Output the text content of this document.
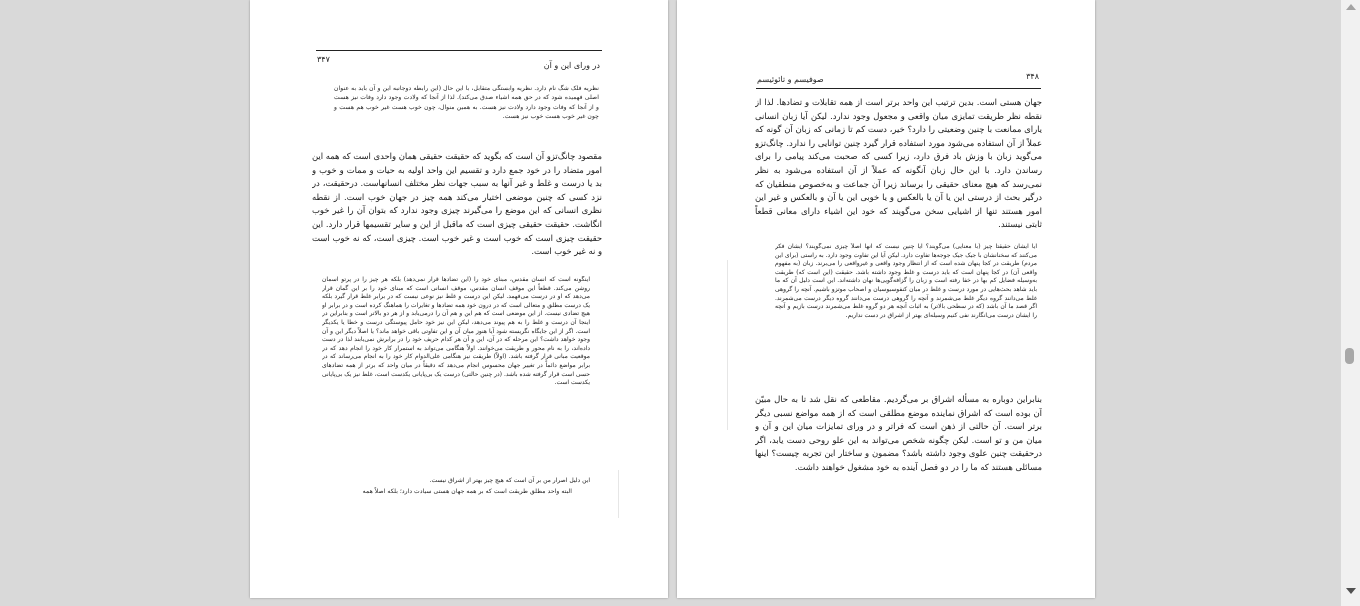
۳۴۷
در ورای این و آن

نظریه فلک شگ نام دارد. نظریه وابستگی متقابل، با این حال (این رابطه دوجانبه این و آن باید به عنوان اصلی فهمیده شود که در حق همه اشیاء صدق می‌کند). لذا از آنجا که ولادت وجود دارد وفات نیز هست و از آنجا که وفات وجود دارد ولادت نیز هست. به همین منوال، چون خوب هست غیر خوب هم هست و چون غیر خوب هست خوب نیز هست.

مقصود چانگ‌تزو آن است که بگوید که حقیقت حقیقی همان واحدی است که همه این امور متضاد را در خود جمع دارد و تقسیم این واحد اولیه به حیات و ممات و خوب و بد یا درست و غلط و غیر آنها به سبب جهات نظر مختلف انسانهاست. درحقیقت، در نزد کسی که چنین موضعی اختیار می‌کند همه چیز در جهان خوب است. از نقطه نظری انسانی که این موضع را می‌گیرند چیزی وجود ندارد که بتوان آن را غیر خوب انگاشت. حقیقت حقیقی چیزی است که ماقبل از این و سایر تقسیمها قرار دارد. این حقیقت چیزی است که خوب است و غیر خوب است. چیزی است، که نه خوب است و نه غیر خوب است.

اینگونه است که انسان مقدس، مبنای خود را (این تضادها قرار نمی‌دهد) بلکه هر چیز را در پرتو آسمان روشن می‌کند. قطعاً این موقف انسان مقدس، موقف انسانی است که مبنای خود را بر این گمان قرار می‌دهد که او در درست می‌فهمد. لیکن این درست و غلط نیز نوعی نیست که در برابر غلط قرار گیرد بلکه یک درست مطلق و متعالی است که در درون خود همه تضادها و تغایرات را هماهنگ‌ کرده است و در برابر او هیچ تضادی نیست. از این موضعی است که هم این و هم آن را درمی‌یابد و از هر دو بالاتر است و بنابراین در اینجا آن درست و غلط را به هم پیوند می‌دهد، لیکن این نیز خود حامل پیوستگی درست و خطا یا یکدیگر است. اگر از این جایگاه نگریسته شود آیا هنوز میان آن و این تفاوتی باقی خواهد ماند؟ یا اصلاً دیگر این و آن وجود خواهد داشت؟ این مرحله که در آن، این و آن هر کدام حریف خود را در برابرش نمی‌یابند لذا در دست داده‌اند، را به نام محور و طریقت می‌خوانند. اولاً هنگامی می‌تواند به استمرار کار خود را انجام دهد که در موقعیت مبانی قرار گرفته باشد. (اولاً) طریقت نیز هنگامی علی‌الدوام کار خود را به انجام می‌رساند که در برابر مواضع دائماً در تغییر جهان محسوس انجام می‌دهد که دقیقاً در میان واحد که برتر از همه تضادهای حسی است قرار گرفته شده باشد. (در چنین حالتی) درست یک بی‌پایانی یکدست است، غلط نیز یک بی‌پایانی یکدست است.

این دلیل اصرار من بر آن است که هیچ چیز بهتر از اشراق نیست.

البته واحد مطلق طریقت است که بر همه جهان هستی سیادت دارد؛ بلکه اصلاً همه

صوفیسم و تائوئیسم	۳۴۸

جهان هستی است. بدین ترتیب این واحد برتر است از همه تقابلات و تضادها. لذا از نقطه نظر طریقت تمایزی میان واقعی و مجعول وجود ندارد. لیکن آیا زبان انسانی یارای ممانعت با چنین وضعیتی را دارد؟ خیر، دست کم تا زمانی که زبان آن گونه که عملاً از آن استفاده می‌شود مورد استفاده قرار گیرد چنین توانایی را ندارد. چانگ‌تزو می‌گوید زبان با وزش باد فرق دارد، زیرا کسی که صحبت می‌کند پیامی را برای رساندن دارد. با این حال زبان آنگونه که عملاً از آن استفاده می‌شود به نظر نمی‌رسد که هیچ معنای حقیقی را برساند زیرا آن جماعت و به‌خصوص منطقیان که درگیر بحث از درستی این یا آن یا بالعکس و یا خوبی این یا آن و بالعکس و غیر این امور هستند تنها از اشیایی سخن می‌گویند که خود این اشیاء دارای معانی قطعاً ثابتی نیستند.

آیا ایشان حقیقتاً چیز (با معنایی) می‌گویند؟ آیا چنین نیست که آنها اصلاً چیزی نمی‌گویند؟ ایشان فکر می‌کنند که سخنانشان با جیک جیک جوجه‌ها تفاوت دارد. لیکن آیا این تفاوت وجود دارد. به راستی (برای این مردم) طریقت در کجا پنهان شده است که از انتظار وجود واقعی و غیرواقعی را می‌برند. زبان (به مفهوم واقعی آن) در کجا پنهان است که باید درست و غلط وجود داشته باشد. حقیقت (این است که) طریقت به‌وسیله فضایل کم بها در خفا رفته است و زبان را گزافه‌گویی‌ها نهان داشته‌اند. این است دلیل آن که ما باید شاهد بحث‌هایی در مورد درست و غلط در میان کنفوسیوسیان و اصحاب موتزو باشیم. آنچه را گروهی غلط می‌دانند گروه دیگر غلط می‌شمرند و آنچه را گروهی درست می‌دانند گروه دیگر درست می‌شمرند. اگر قصد ما آن باشد (که در سطحی بالاتر) به اثبات آنچه هر دو گروه غلط می‌شمرند درست بازیم و آنچه را ایشان درست می‌انگارند نفی کنیم وسیله‌ای بهتر از اشراق در دست نداریم.

بنابراین دوباره به مسأله اشراق بر می‌گردیم. مقاطعی که نقل شد تا به حال مبیّن آن بوده است که اشراق نماینده موضع مطلقی است که از همه مواضع نسبی دیگر برتر است. آن حالتی از ذهن است که فراتر و در ورای تمایزات میان این و آن و میان من و تو است. لیکن چگونه شخص می‌تواند به این علو روحی دست یابد، اگر درحقیقت چنین علوی وجود داشته باشد؟ مضمون و ساختار این تجربه چیست؟ اینها مسائلی هستند که ما را در دو فصل آینده به خود مشغول خواهند داشت.
